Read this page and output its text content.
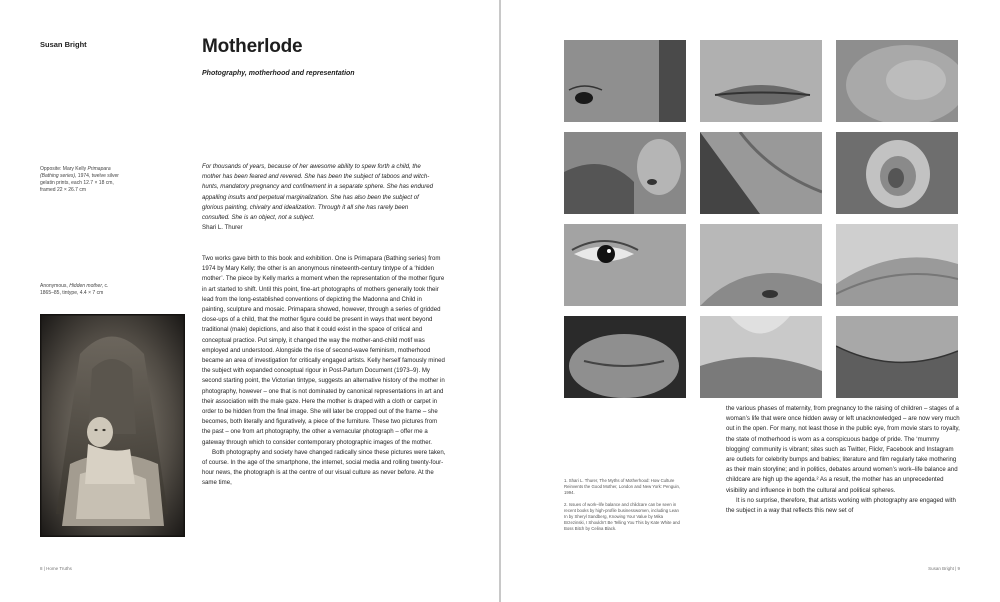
Susan Bright	Motherlode
Photography, motherhood and representation
Opposite: Mary Kelly Primapara (Bathing series), 1974, twelve silver gelatin prints, each 12.7 × 18 cm, framed 22 × 26.7 cm
Anonymous, Hidden mother, c. 1865–85, tintype, 4.4 × 7 cm
For thousands of years, because of her awesome ability to spew forth a child, the mother has been feared and revered. She has been the subject of taboos and witch-hunts, mandatory pregnancy and confinement in a separate sphere. She has endured appalling insults and perpetual marginalization. She has also been the subject of glorious painting, chivalry and idealization. Through it all she has rarely been consulted. She is an object, not a subject.
Shari L. Thurer

Two works gave birth to this book and exhibition. One is Primapara (Bathing series) from 1974 by Mary Kelly; the other is an anonymous nineteenth-century tintype of a ‘hidden mother’. The piece by Kelly marks a moment when the representation of the mother figure in art started to shift. Until this point, fine-art photographs of mothers generally took their lead from the long-established conventions of depicting the Madonna and Child in painting, sculpture and mosaic. Primapara showed, however, through a series of gridded close-ups of a child, that the mother figure could be present in ways that went beyond traditional (male) depictions, and also that it could exist in the space of critical and conceptual practice. Put simply, it changed the way the mother-and-child motif was employed and understood. Alongside the rise of second-wave feminism, motherhood became an area of investigation for critically engaged artists. Kelly herself famously mined the subject with expanded conceptual rigour in Post-Partum Document (1973–9). My second starting point, the Victorian tintype, suggests an alternative history of the mother in photography, however – one that is not dominated by canonical representations in art and their association with the male gaze. Here the mother is draped with a cloth or carpet in order to be hidden from the final image. She will later be cropped out of the frame – she becomes, both literally and figuratively, a piece of the furniture. These two pictures from the past – one from art photography, the other a vernacular photograph – offer me a gateway through which to consider contemporary photographic images of the mother.

Both photography and society have changed radically since these pictures were taken, of course. In the age of the smartphone, the internet, social media and rolling twenty-four-hour news, the photograph is at the centre of our visual culture as never before. At the same time,

8 | Home Truths

1. Shari L. Thurer, The Myths of Motherhood: How Culture Reinvents the Good Mother, London and New York: Penguin, 1994.

2. Issues of work–life balance and childcare can be seen in recent books by high-profile businesswomen, including Lean In by Sheryl Sandberg, Knowing Your Value by Mika Brzezinski, I Shouldn’t Be Telling You This by Kate White and Boss Bitch by Celina Black.

the various phases of maternity, from pregnancy to the raising of children – stages of a woman’s life that were once hidden away or left unacknowledged – are now very much out in the open. For many, not least those in the public eye, from movie stars to royalty, the state of motherhood is worn as a conspicuous badge of pride. The ‘mummy blogging’ community is vibrant; sites such as Twitter, Flickr, Facebook and Instagram are outlets for celebrity bumps and babies; literature and film regularly take mothering as their main storyline; and in politics, debates around women’s work–life balance and childcare are high up the agenda.² As a result, the mother has an unprecedented visibility and influence in both the cultural and political spheres.

It is no surprise, therefore, that artists working with photography are engaged with the subject in a way that reflects this new set of

Susan Bright | 9
